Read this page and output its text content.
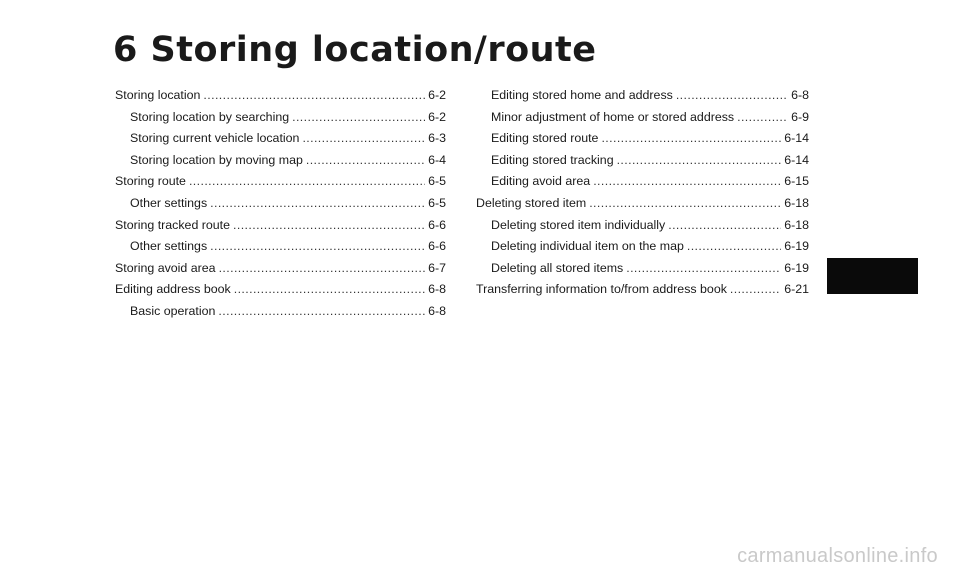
6 Storing location/route
Storing location .....	6-2
Storing location by searching .....	6-2
Storing current vehicle location .....	6-3
Storing location by moving map .....	6-4
Storing route .....	6-5
Other settings .....	6-5
Storing tracked route .....	6-6
Other settings .....	6-6
Storing avoid area .....	6-7
Editing address book .....	6-8
Basic operation .....	6-8
Editing stored home and address .....	6-8
Minor adjustment of home or stored address .....	6-9
Editing stored route .....	6-14
Editing stored tracking .....	6-14
Editing avoid area .....	6-15
Deleting stored item .....	6-18
Deleting stored item individually .....	6-18
Deleting individual item on the map .....	6-19
Deleting all stored items .....	6-19
Transferring information to/from address book .....	6-21
carmanualsonline.info
